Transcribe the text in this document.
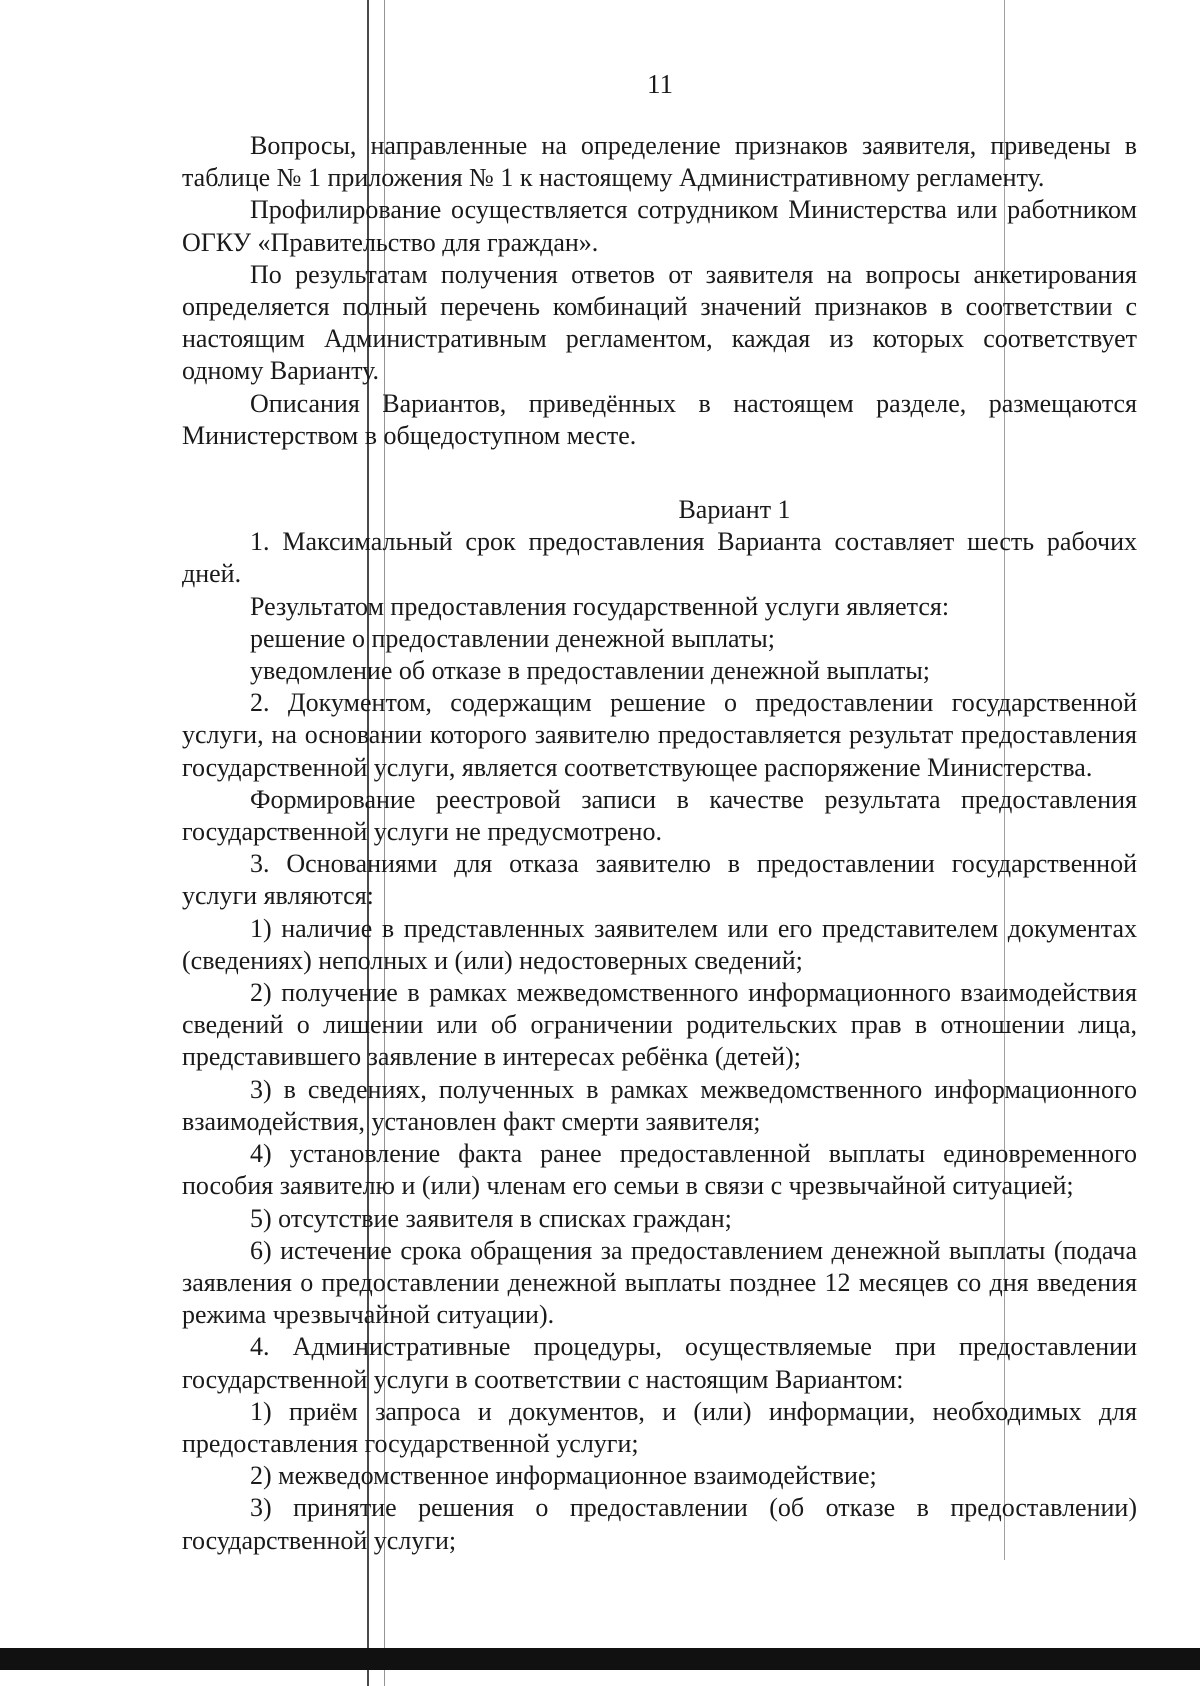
11

Вопросы, направленные на определение признаков заявителя, приведены в таблице № 1 приложения № 1 к настоящему Административному регламенту.

Профилирование осуществляется сотрудником Министерства или работником ОГКУ «Правительство для граждан».

По результатам получения ответов от заявителя на вопросы анкетирования определяется полный перечень комбинаций значений признаков в соответствии с настоящим Административным регламентом, каждая из которых соответствует одному Варианту.

Описания Вариантов, приведённых в настоящем разделе, размещаются Министерством в общедоступном месте.

Вариант 1

1. Максимальный срок предоставления Варианта составляет шесть рабочих дней.

Результатом предоставления государственной услуги является:

решение о предоставлении денежной выплаты;

уведомление об отказе в предоставлении денежной выплаты;

2. Документом, содержащим решение о предоставлении государственной услуги, на основании которого заявителю предоставляется результат предоставления государственной услуги, является соответствующее распоряжение Министерства.

Формирование реестровой записи в качестве результата предоставления государственной услуги не предусмотрено.

3. Основаниями для отказа заявителю в предоставлении государственной услуги являются:

1) наличие в представленных заявителем или его представителем документах (сведениях) неполных и (или) недостоверных сведений;

2) получение в рамках межведомственного информационного взаимодействия сведений о лишении или об ограничении родительских прав в отношении лица, представившего заявление в интересах ребёнка (детей);

3) в сведениях, полученных в рамках межведомственного информационного взаимодействия, установлен факт смерти заявителя;

4) установление факта ранее предоставленной выплаты единовременного пособия заявителю и (или) членам его семьи в связи с чрезвычайной ситуацией;

5) отсутствие заявителя в списках граждан;

6) истечение срока обращения за предоставлением денежной выплаты (подача заявления о предоставлении денежной выплаты позднее 12 месяцев со дня введения режима чрезвычайной ситуации).

4. Административные процедуры, осуществляемые при предоставлении государственной услуги в соответствии с настоящим Вариантом:

1) приём запроса и документов, и (или) информации, необходимых для предоставления государственной услуги;

2) межведомственное информационное взаимодействие;

3) принятие решения о предоставлении (об отказе в предоставлении) государственной услуги;
